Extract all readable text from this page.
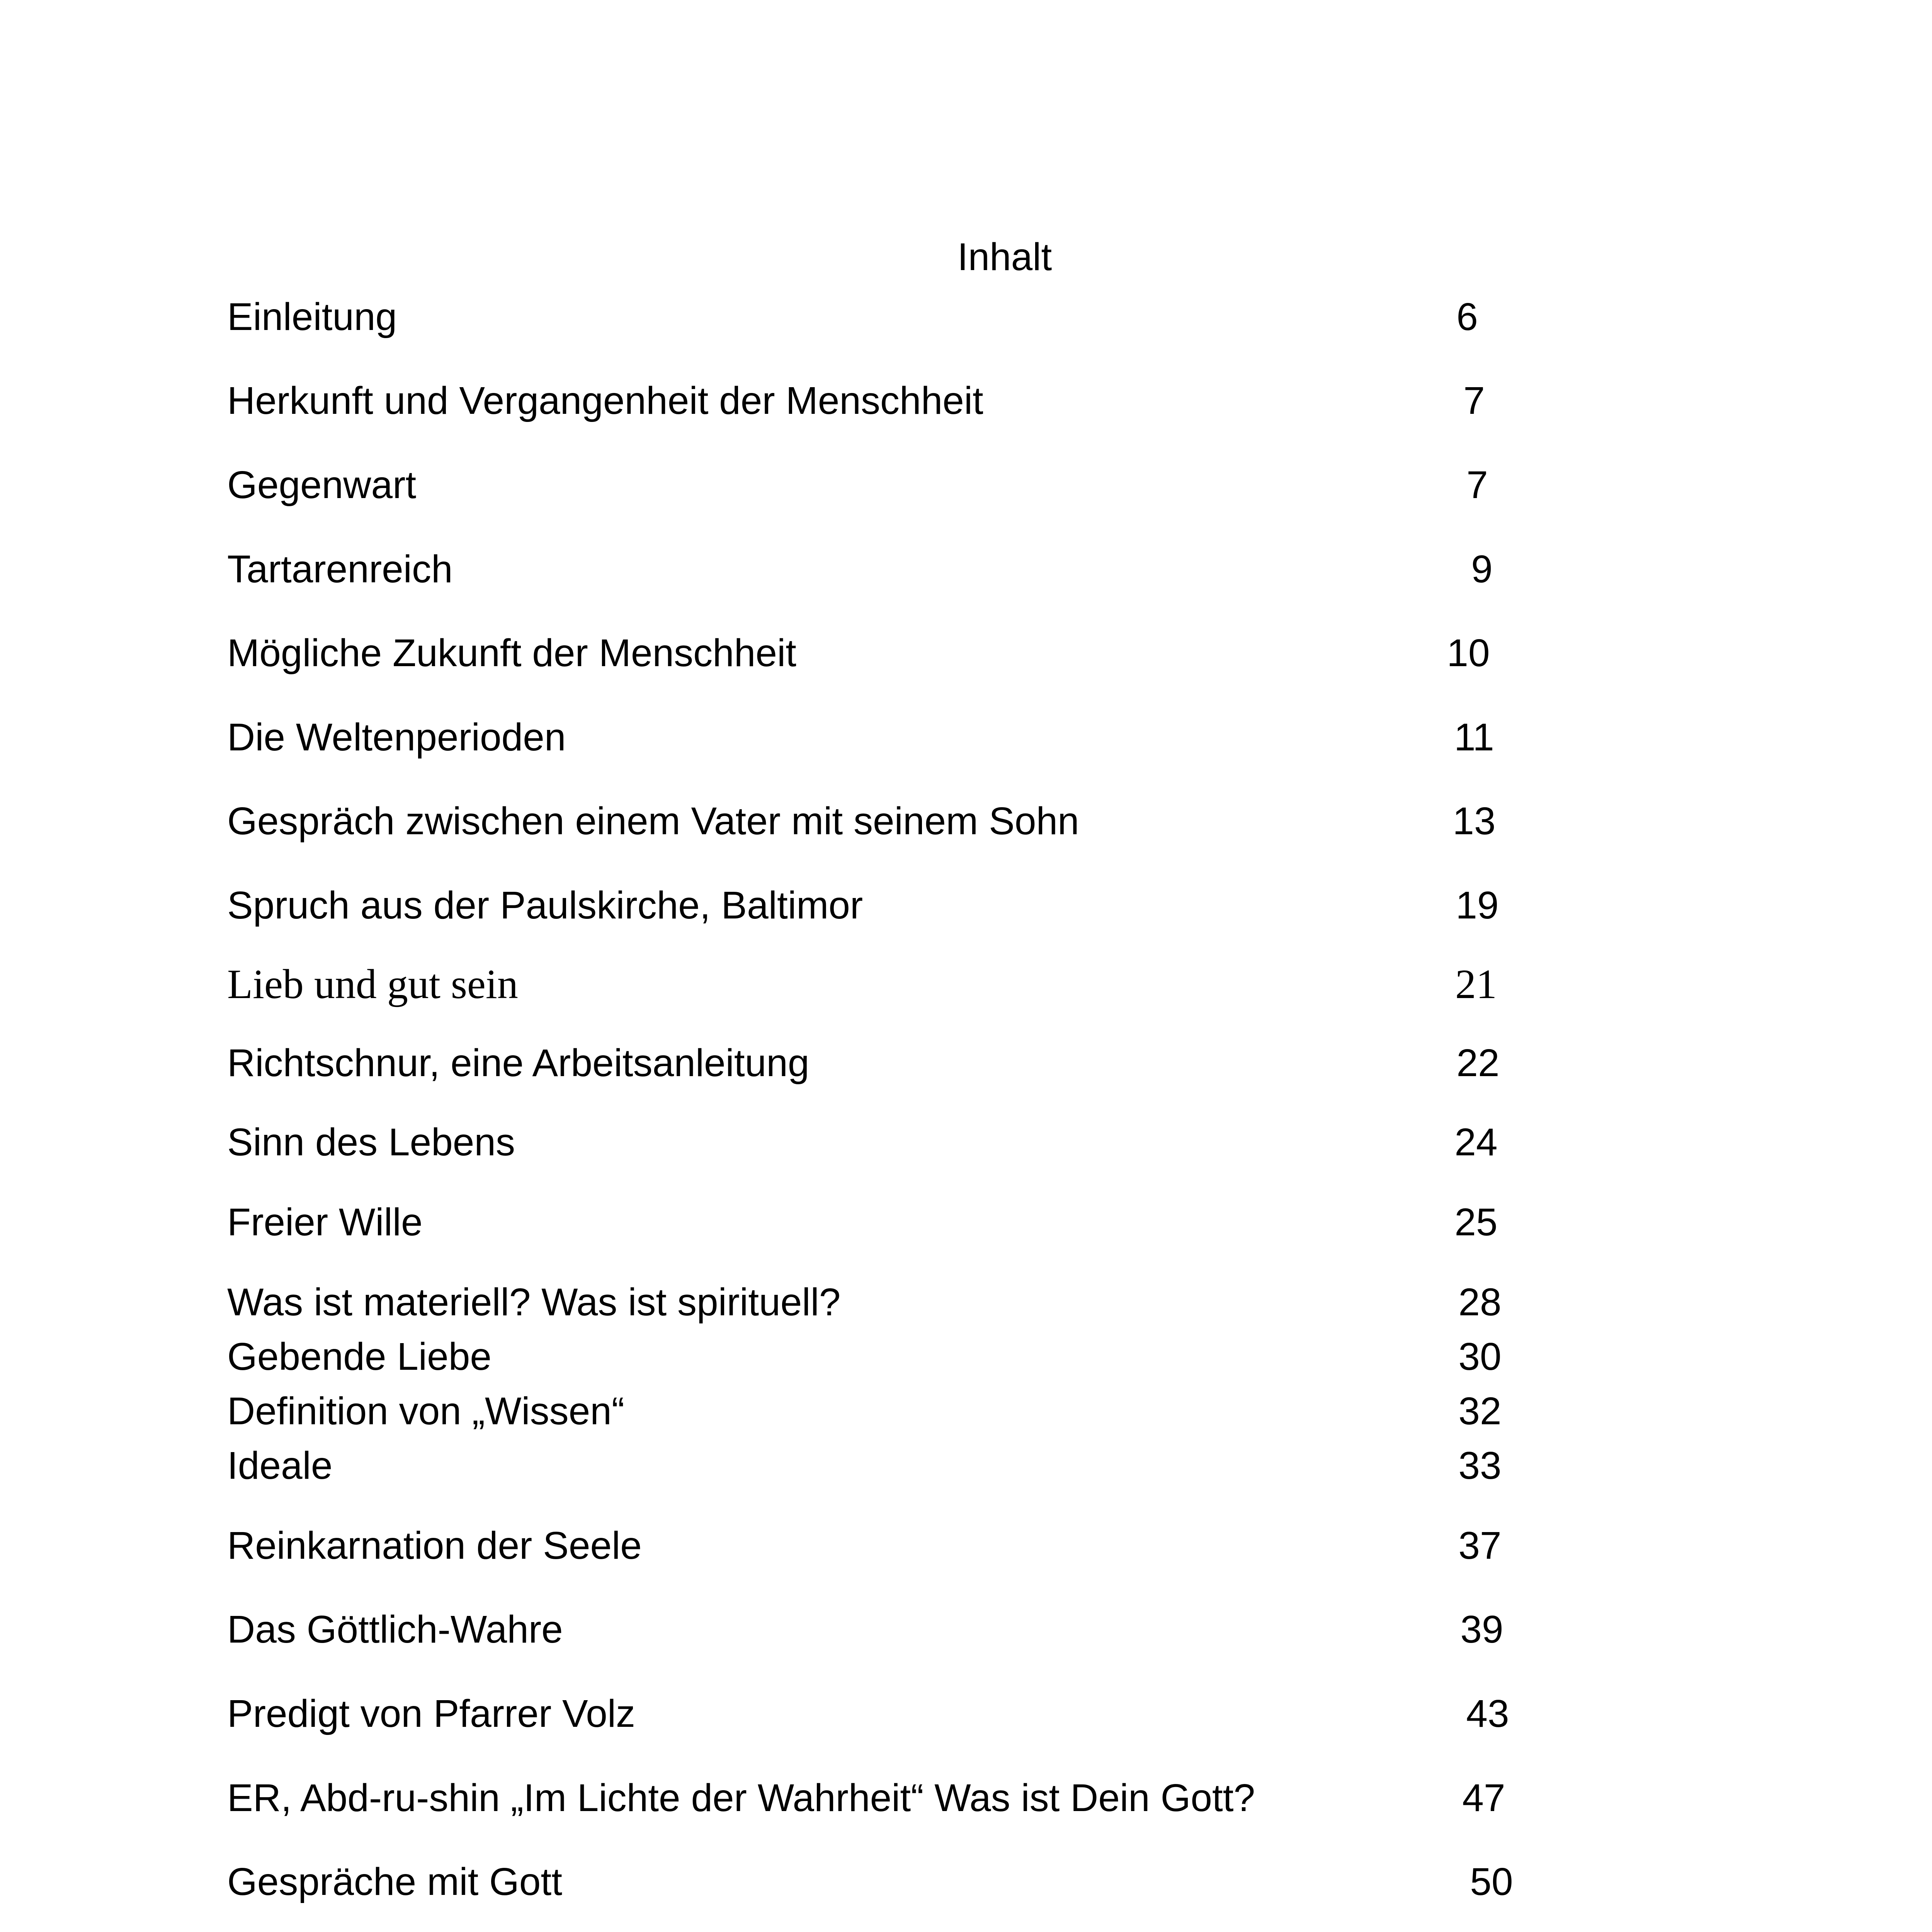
Inhalt
Einleitung	6
Herkunft und Vergangenheit der Menschheit	7
Gegenwart	7
Tartarenreich	9
Mögliche Zukunft der Menschheit	10
Die Weltenperioden	11
Gespräch zwischen einem Vater mit seinem Sohn	13
Spruch aus der Paulskirche, Baltimor	19
Lieb und gut sein	21
Richtschnur, eine Arbeitsanleitung	22
Sinn des Lebens	24
Freier Wille	25
Was ist materiell? Was ist spirituell?	28
Gebende Liebe	30
Definition von „Wissen“	32
Ideale	33
Reinkarnation der Seele	37
Das Göttlich-Wahre	39
Predigt von Pfarrer Volz	43
ER, Abd-ru-shin „Im Lichte der Wahrheit“ Was ist Dein Gott?	47
Gespräche mit Gott	50
